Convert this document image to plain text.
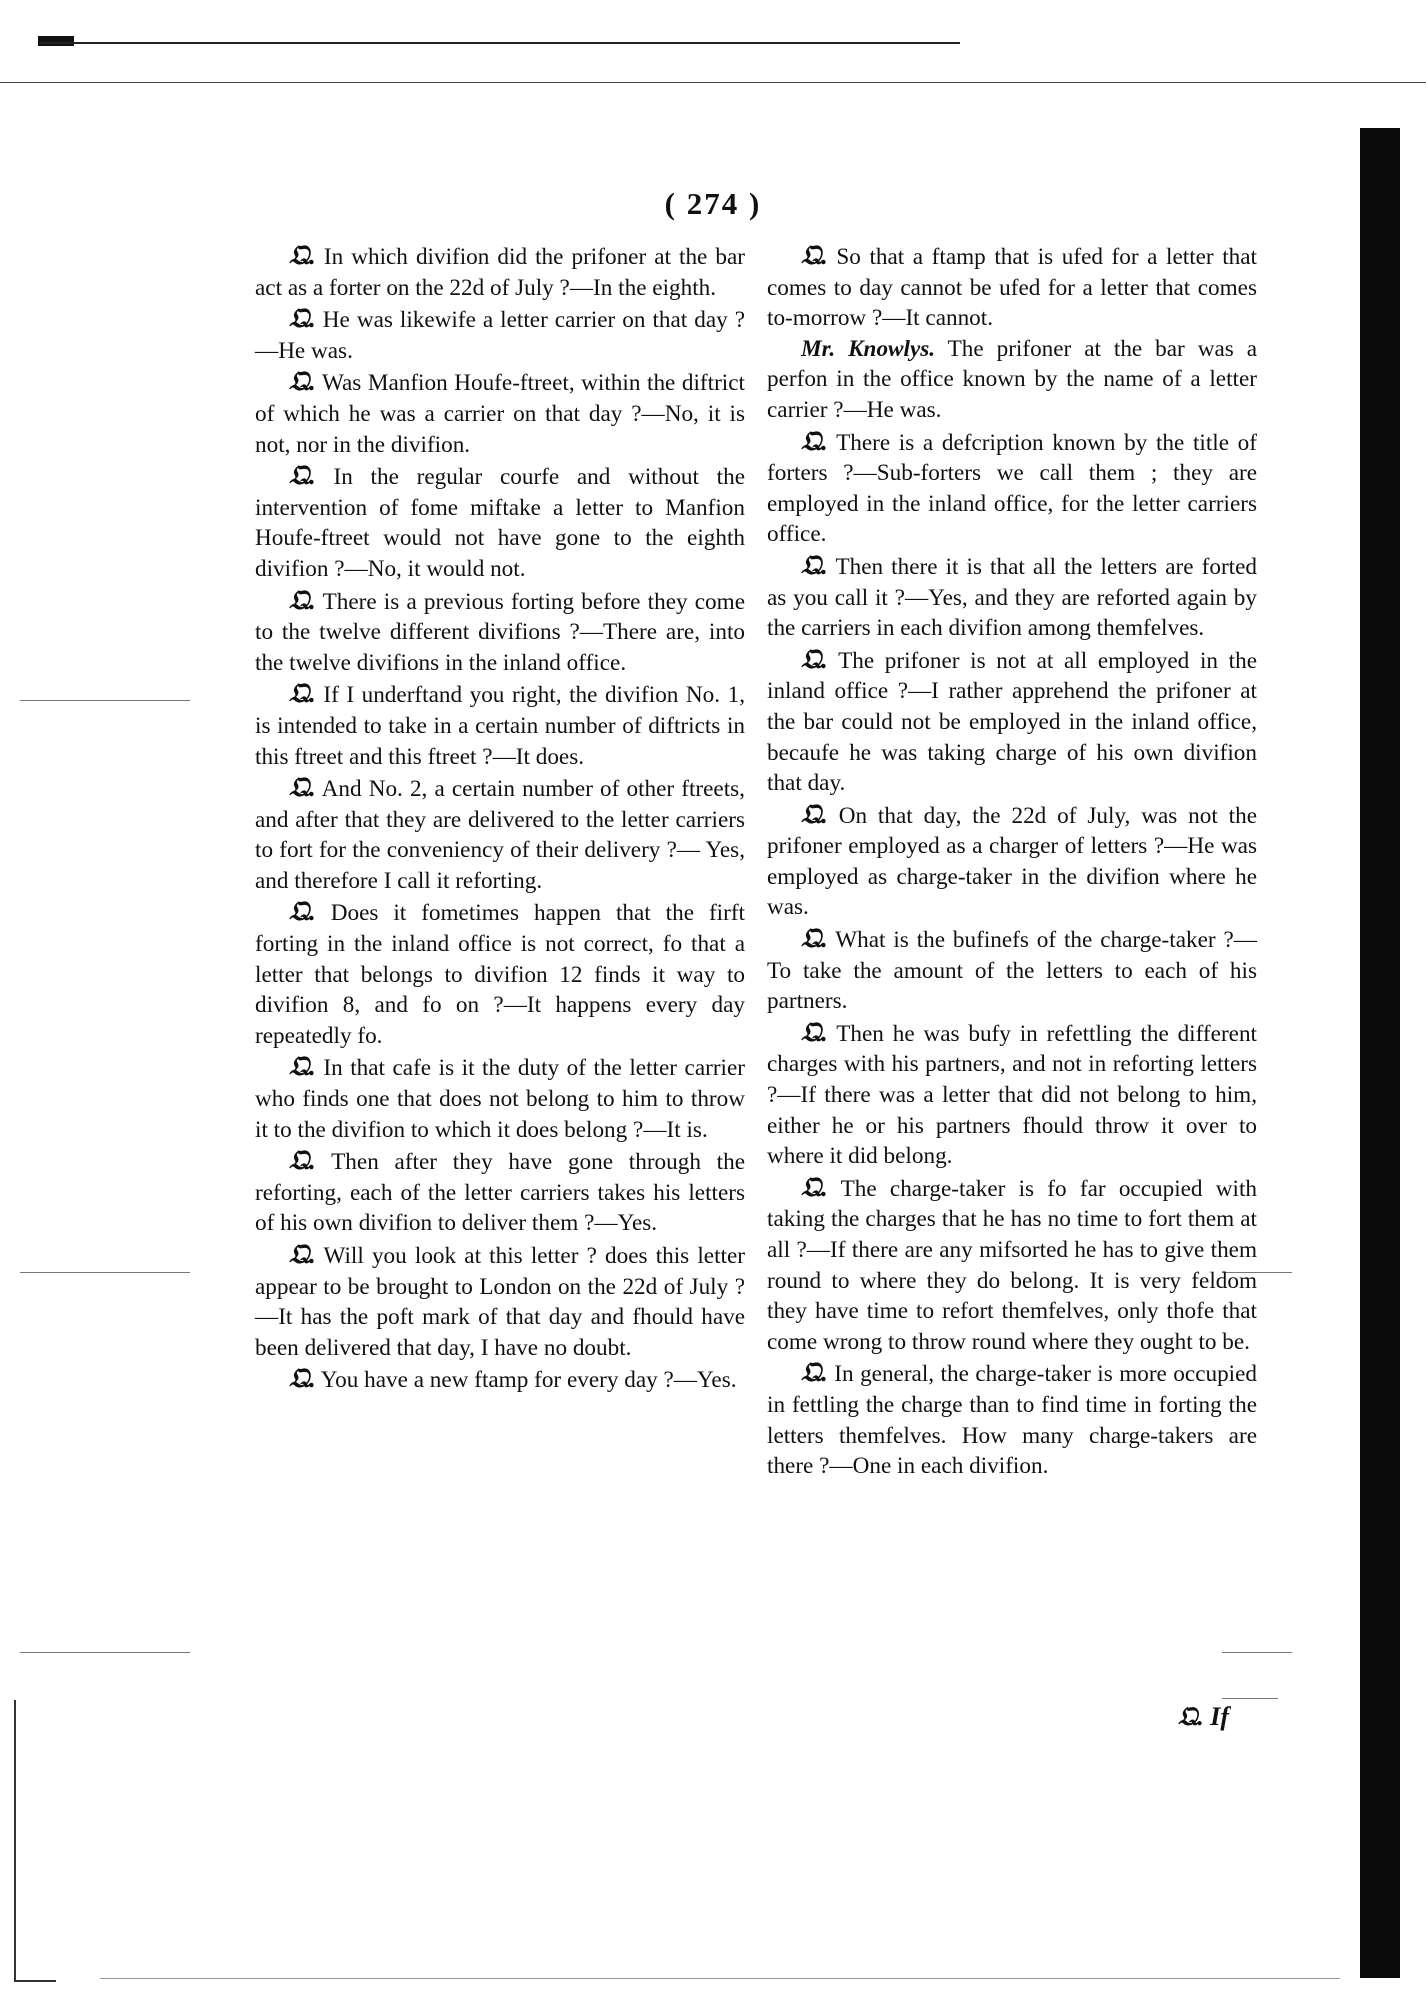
( 274 )

𝔔. In which divifion did the prifoner at the bar act as a forter on the 22d of July ?—In the eighth.

𝔔. He was likewife a letter carrier on that day ?—He was.

𝔔. Was Manfion Houfe-ftreet, within the diftrict of which he was a carrier on that day ?—No, it is not, nor in the divifion.

𝔔. In the regular courfe and without the intervention of fome miftake a letter to Manfion Houfe-ftreet would not have gone to the eighth divifion ?—No, it would not.

𝔔. There is a previous forting before they come to the twelve different divifions ?—There are, into the twelve divifions in the inland office.

𝔔. If I underftand you right, the divifion No. 1, is intended to take in a certain number of diftricts in this ftreet and this ftreet ?—It does.

𝔔. And No. 2, a certain number of other ftreets, and after that they are delivered to the letter carriers to fort for the conveniency of their delivery ?— Yes, and therefore I call it reforting.

𝔔. Does it fometimes happen that the firft forting in the inland office is not correct, fo that a letter that belongs to divifion 12 finds it way to divifion 8, and fo on ?—It happens every day repeatedly fo.

𝔔. In that cafe is it the duty of the letter carrier who finds one that does not belong to him to throw it to the divifion to which it does belong ?—It is.

𝔔. Then after they have gone through the reforting, each of the letter carriers takes his letters of his own divifion to deliver them ?—Yes.

𝔔. Will you look at this letter ? does this letter appear to be brought to London on the 22d of July ?—It has the poft mark of that day and fhould have been delivered that day, I have no doubt.

𝔔. You have a new ftamp for every day ?—Yes.

𝔔. So that a ftamp that is ufed for a letter that comes to day cannot be ufed for a letter that comes to-morrow ?—It cannot.

Mr. Knowlys. The prifoner at the bar was a perfon in the office known by the name of a letter carrier ?—He was.

𝔔. There is a defcription known by the title of forters ?—Sub-forters we call them ; they are employed in the inland office, for the letter carriers office.

𝔔. Then there it is that all the letters are forted as you call it ?—Yes, and they are reforted again by the carriers in each divifion among themfelves.

𝔔. The prifoner is not at all employed in the inland office ?—I rather apprehend the prifoner at the bar could not be employed in the inland office, becaufe he was taking charge of his own divifion that day.

𝔔. On that day, the 22d of July, was not the prifoner employed as a charger of letters ?—He was employed as charge-taker in the divifion where he was.

𝔔. What is the bufinefs of the charge-taker ?—To take the amount of the letters to each of his partners.

𝔔. Then he was bufy in refettling the different charges with his partners, and not in reforting letters ?—If there was a letter that did not belong to him, either he or his partners fhould throw it over to where it did belong.

𝔔. The charge-taker is fo far occupied with taking the charges that he has no time to fort them at all ?—If there are any mifsorted he has to give them round to where they do belong. It is very feldom they have time to refort themfelves, only thofe that come wrong to throw round where they ought to be.

𝔔. In general, the charge-taker is more occupied in fettling the charge than to find time in forting the letters themfelves. How many charge-takers are there ?—One in each divifion.

𝔔. If
